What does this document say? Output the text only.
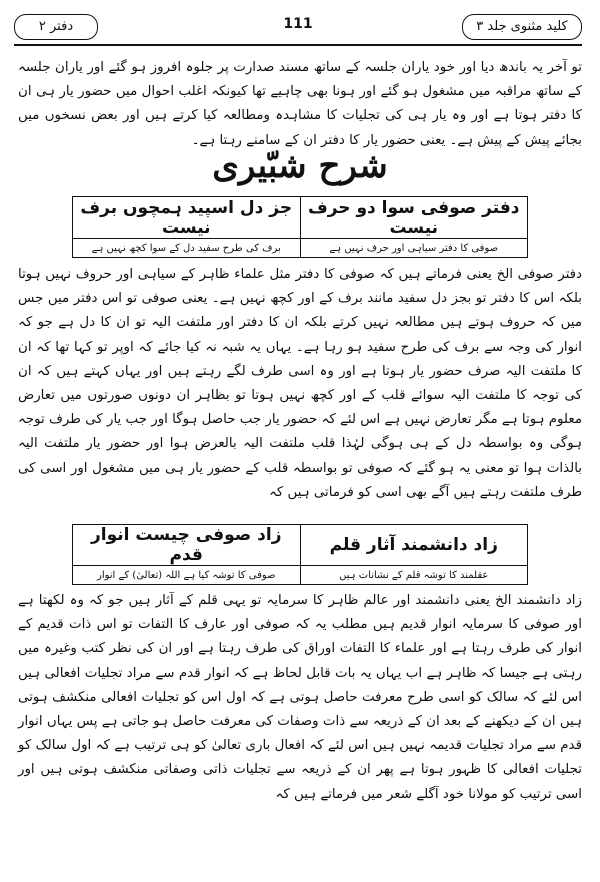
کلید مثنوی جلد ۳
111
دفتر ۲

تو آخر یہ باندھ دیا اور خود یاران جلسہ کے ساتھ مسند صدارت پر جلوہ افروز ہو گئے اور یاران جلسہ کے ساتھ مراقبہ میں مشغول ہو گئے اور ہونا بھی چاہیے تھا کیونکہ اغلب احوال میں حضور یار ہی ان کا دفتر ہوتا ہے اور وہ یار ہی کی تجلیات کا مشاہدہ ومطالعہ کیا کرتے ہیں اور بعض نسخوں میں بجائے پیش کے پیش ہے۔ یعنی حضور یار کا دفتر ان کے سامنے رہتا ہے۔

شرح شبّیری
دفتر صوفی سوا دو حرف نیست	جز دل اسپید ہمچوں برف نیست
صوفی کا دفتر سیاہی اور حرف نہیں ہے	برف کی طرح سفید دل کے سوا کچھ نہیں ہے

دفتر صوفی الخ یعنی فرماتے ہیں کہ صوفی کا دفتر مثل علماء ظاہر کے سیاہی اور حروف نہیں ہوتا بلکہ اس کا دفتر تو بجز دل سفید مانند برف کے اور کچھ نہیں ہے۔ یعنی صوفی تو اس دفتر میں جس میں کہ حروف ہوتے ہیں مطالعہ نہیں کرتے بلکہ ان کا دفتر اور ملتفت الیہ تو ان کا دل ہے جو کہ انوار کی وجہ سے برف کی طرح سفید ہو رہا ہے۔ یہاں یہ شبہ نہ کیا جائے کہ اوپر تو کہا تھا کہ ان کا ملتفت الیہ صرف حضور یار ہوتا ہے اور وہ اسی طرف لگے رہتے ہیں اور یہاں کہتے ہیں کہ ان کی توجہ کا ملتفت الیہ سوائے قلب کے اور کچھ نہیں ہوتا تو بظاہر ان دونوں صورتوں میں تعارض معلوم ہوتا ہے مگر تعارض نہیں ہے اس لئے کہ حضور یار جب حاصل ہوگا اور جب یار کی طرف توجہ ہوگی وہ بواسطہ دل کے ہی ہوگی لہٰذا قلب ملتفت الیہ بالعرض ہوا اور حضور یار ملتفت الیہ بالذات ہوا تو معنی یہ ہو گئے کہ صوفی تو بواسطہ قلب کے حضور یار ہی میں مشغول اور اسی کی طرف ملتفت رہتے ہیں آگے بھی اسی کو فرماتی ہیں کہ

زاد دانشمند آثار قلم	زاد صوفی چیست انوار قدم
عقلمند کا توشہ قلم کے نشانات ہیں	صوفی کا توشہ کیا ہے اللہ (تعالیٰ) کے انوار

زاد دانشمند الخ یعنی دانشمند اور عالم ظاہر کا سرمایہ تو یہی قلم کے آثار ہیں جو کہ وہ لکھتا ہے اور صوفی کا سرمایہ انوار قدیم ہیں مطلب یہ کہ صوفی اور عارف کا التفات تو اس ذات قدیم کے انوار کی طرف رہتا ہے اور علماء کا التفات اوراق کی طرف رہتا ہے اور ان کی نظر کتب وغیرہ میں رہتی ہے جیسا کہ ظاہر ہے اب یہاں یہ بات قابل لحاظ ہے کہ انوار قدم سے مراد تجلیات افعالی ہیں اس لئے کہ سالک کو اسی طرح معرفت حاصل ہوتی ہے کہ اول اس کو تجلیات افعالی منکشف ہوتی ہیں ان کے دیکھنے کے بعد ان کے ذریعہ سے ذات وصفات کی معرفت حاصل ہو جاتی ہے پس یہاں انوار قدم سے مراد تجلیات قدیمہ نہیں ہیں اس لئے کہ افعال باری تعالیٰ کو ہی ترتیب ہے کہ اول سالک کو تجلیات افعالی کا ظہور ہوتا ہے پھر ان کے ذریعہ سے تجلیات ذاتی وصفاتی منکشف ہوتی ہیں اور اسی ترتیب کو مولانا خود آگلے شعر میں فرماتے ہیں کہ
